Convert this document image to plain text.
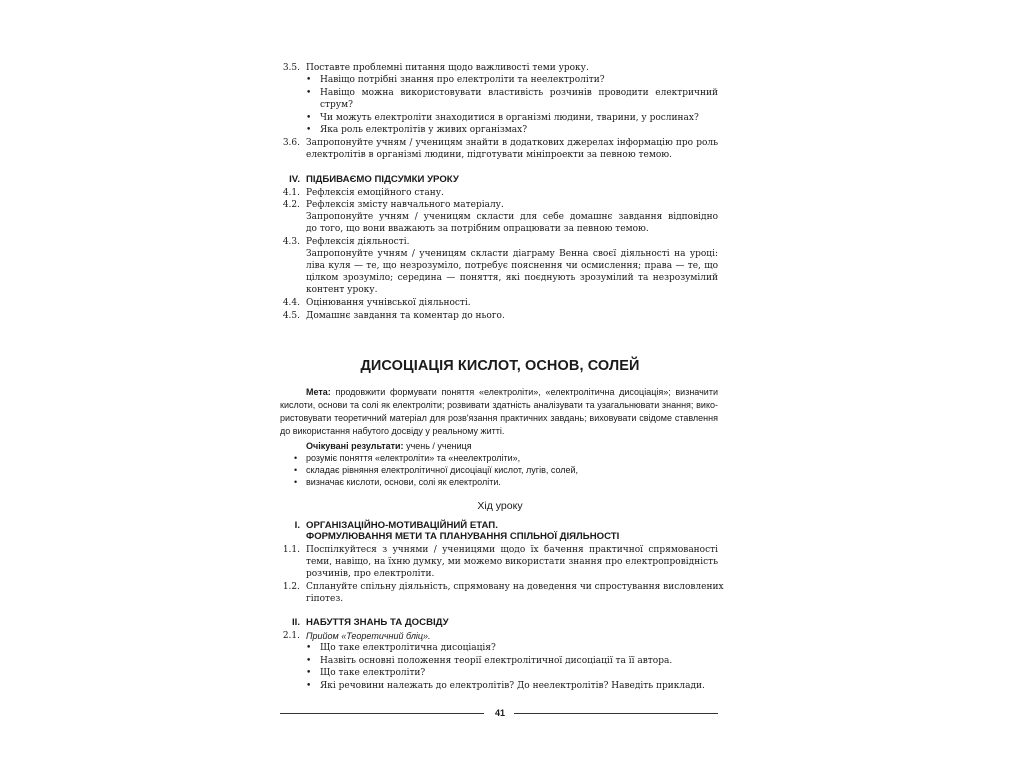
3.5. Поставте проблемні питання щодо важливості теми уроку.
• Навіщо потрібні знання про електроліти та неелектроліти?
• Навіщо можна використовувати властивість розчинів проводити електричний
струм?
• Чи можуть електроліти знаходитися в організмі людини, тварини, у рослинах?
• Яка роль електролітів у живих організмах?
3.6. Запропонуйте учням / ученицям знайти в додаткових джерелах інформацію про роль
електролітів в організмі людини, підготувати мініпроекти за певною темою.
IV. ПІДБИВАЄМО ПІДСУМКИ УРОКУ
4.1. Рефлексія емоційного стану.
4.2. Рефлексія змісту навчального матеріалу.
Запропонуйте учням / ученицям скласти для себе домашнє завдання відповідно
до того, що вони вважають за потрібним опрацювати за певною темою.
4.3. Рефлексія діяльності.
Запропонуйте учням / ученицям скласти діаграму Венна своєї діяльності на уроці:
ліва куля — те, що незрозуміло, потребує пояснення чи осмислення; права — те, що
цілком зрозуміло; середина — поняття, які поєднують зрозумілий та незрозумілий
контент уроку.
4.4. Оцінювання учнівської діяльності.
4.5. Домашнє завдання та коментар до нього.
ДИСОЦІАЦІЯ КИСЛОТ, ОСНОВ, СОЛЕЙ
Мета: продовжити формувати поняття «електроліти», «електролітична дисоціація»; визначити
кислоти, основи та солі як електроліти; розвивати здатність аналізувати та узагальнювати знання; вико-
ристовувати теоретичний матеріал для розв'язання практичних завдань; виховувати свідоме ставлення
до використання набутого досвіду у реальному житті.
Очікувані результати: учень / учениця
• розуміє поняття «електроліти» та «неелектроліти»,
• складає рівняння електролітичної дисоціації кислот, лугів, солей,
• визначає кислоти, основи, солі як електроліти.
Хід уроку
I. ОРГАНІЗАЦІЙНО-МОТИВАЦІЙНИЙ ЕТАП.
ФОРМУЛЮВАННЯ МЕТИ ТА ПЛАНУВАННЯ СПІЛЬНОЇ ДІЯЛЬНОСТІ
1.1. Поспілкуйтеся з учнями / ученицями щодо їх бачення практичної спрямованості
теми, навіщо, на їхню думку, ми можемо використати знання про електропровідність
розчинів, про електроліти.
1.2. Сплануйте спільну діяльність, спрямовану на доведення чи спростування висловлених
гіпотез.
II. НАБУТТЯ ЗНАНЬ ТА ДОСВІДУ
2.1. Прийом «Теоретичний бліц».
• Що таке електролітична дисоціація?
• Назвіть основні положення теорії електролітичної дисоціації та її автора.
• Що таке електроліти?
• Які речовини належать до електролітів? До неелектролітів? Наведіть приклади.
41
